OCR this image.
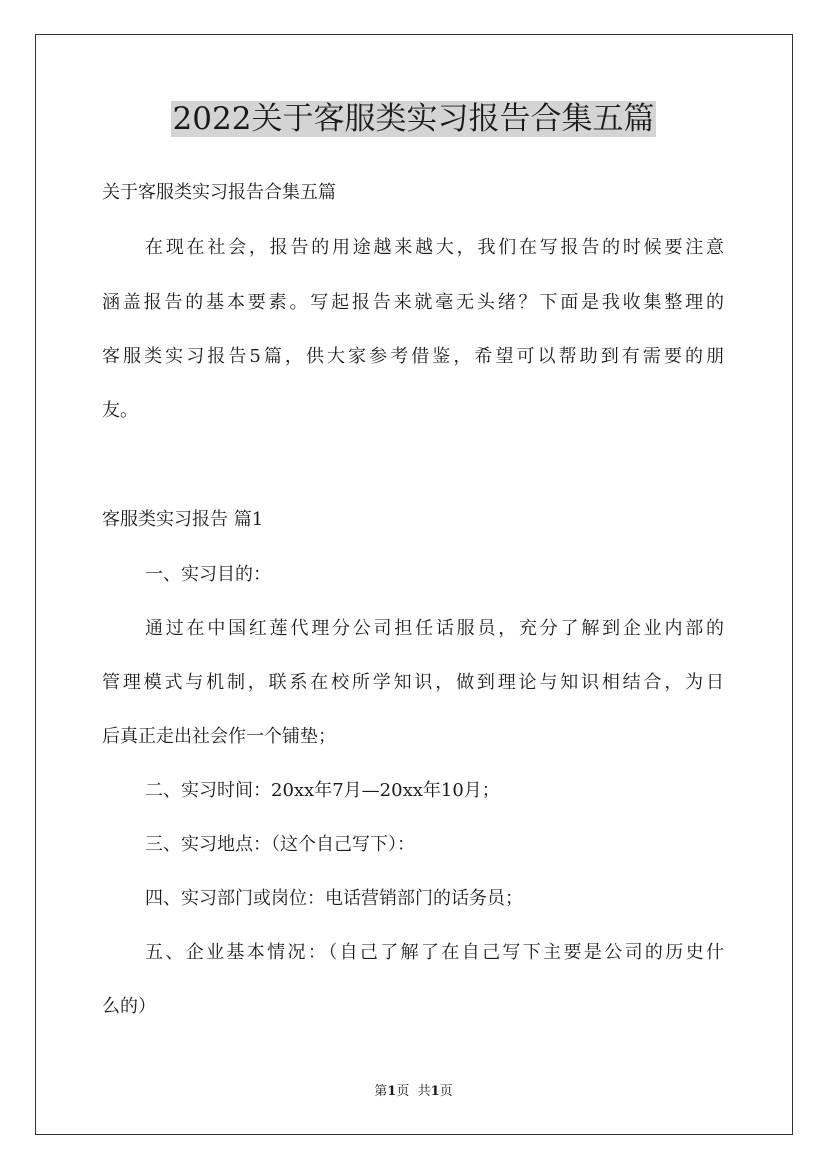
2022关于客服类实习报告合集五篇
关于客服类实习报告合集五篇
在现在社会，报告的用途越来越大，我们在写报告的时候要注意
涵盖报告的基本要素。写起报告来就毫无头绪？下面是我收集整理的
客服类实习报告5篇，供大家参考借鉴，希望可以帮助到有需要的朋
友。
客服类实习报告 篇1
一、实习目的：
通过在中国红莲代理分公司担任话服员，充分了解到企业内部的
管理模式与机制，联系在校所学知识，做到理论与知识相结合，为日
后真正走出社会作一个铺垫；
二、实习时间：20xx年7月—20xx年10月；
三、实习地点：（这个自己写下）：
四、实习部门或岗位：电话营销部门的话务员；
五、企业基本情况：（自己了解了在自己写下主要是公司的历史什
么的）
第1页 共1页
